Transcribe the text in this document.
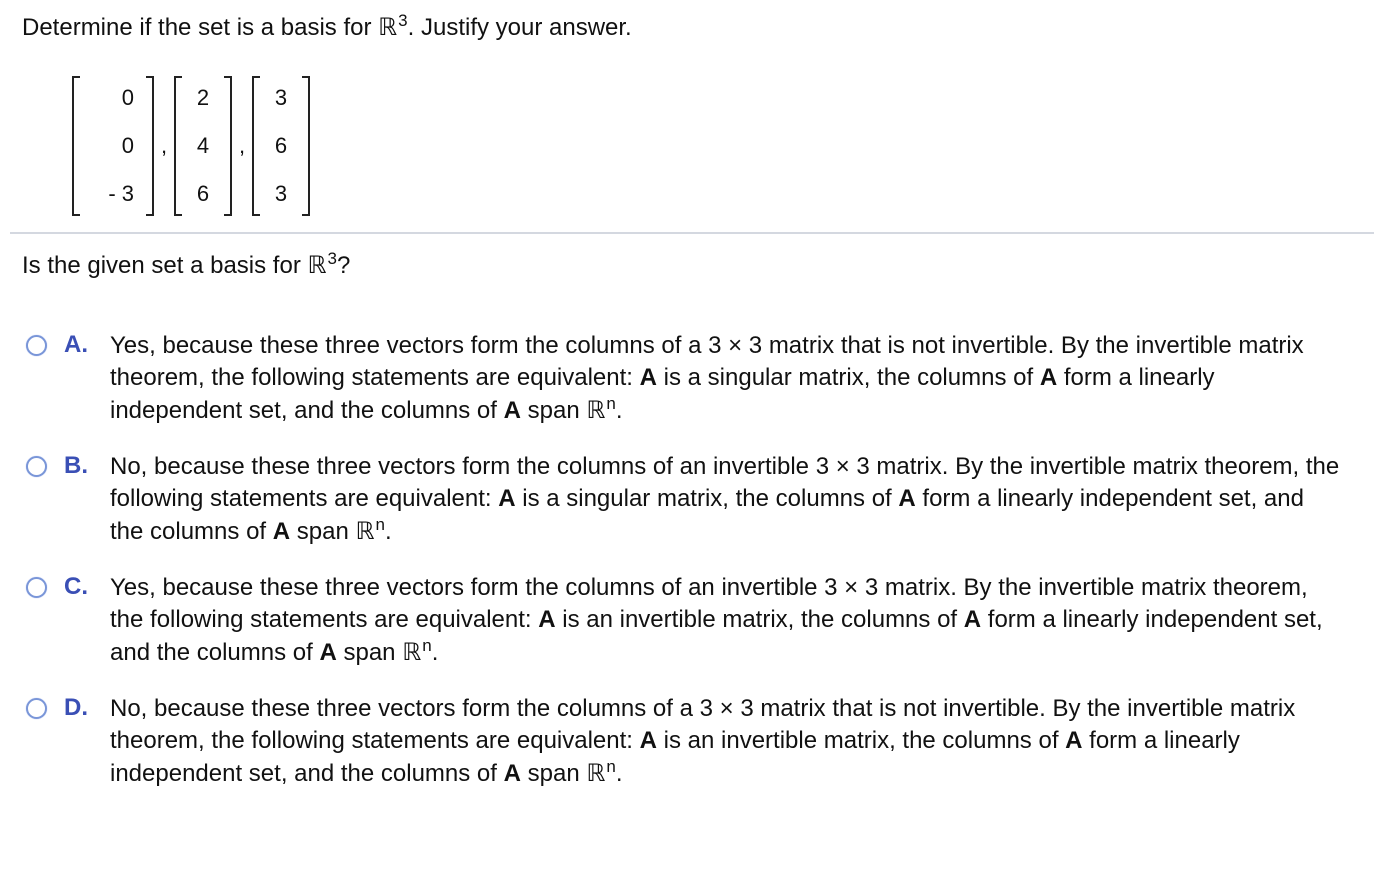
Determine if the set is a basis for ℝ$^3$. Justify your answer.
0
0
- 3
,
2
4
6
,
3
6
3
Is the given set a basis for ℝ$^3$?
A. Yes, because these three vectors form the columns of a 3 × 3 matrix that is not invertible. By the invertible matrix theorem, the following statements are equivalent: A is a singular matrix, the columns of A form a linearly independent set, and the columns of A span ℝ$^n$.
B. No, because these three vectors form the columns of an invertible 3 × 3 matrix. By the invertible matrix theorem, the following statements are equivalent: A is a singular matrix, the columns of A form a linearly independent set, and the columns of A span ℝ$^n$.
C. Yes, because these three vectors form the columns of an invertible 3 × 3 matrix. By the invertible matrix theorem, the following statements are equivalent: A is an invertible matrix, the columns of A form a linearly independent set, and the columns of A span ℝ$^n$.
D. No, because these three vectors form the columns of a 3 × 3 matrix that is not invertible. By the invertible matrix theorem, the following statements are equivalent: A is an invertible matrix, the columns of A form a linearly independent set, and the columns of A span ℝ$^n$.
